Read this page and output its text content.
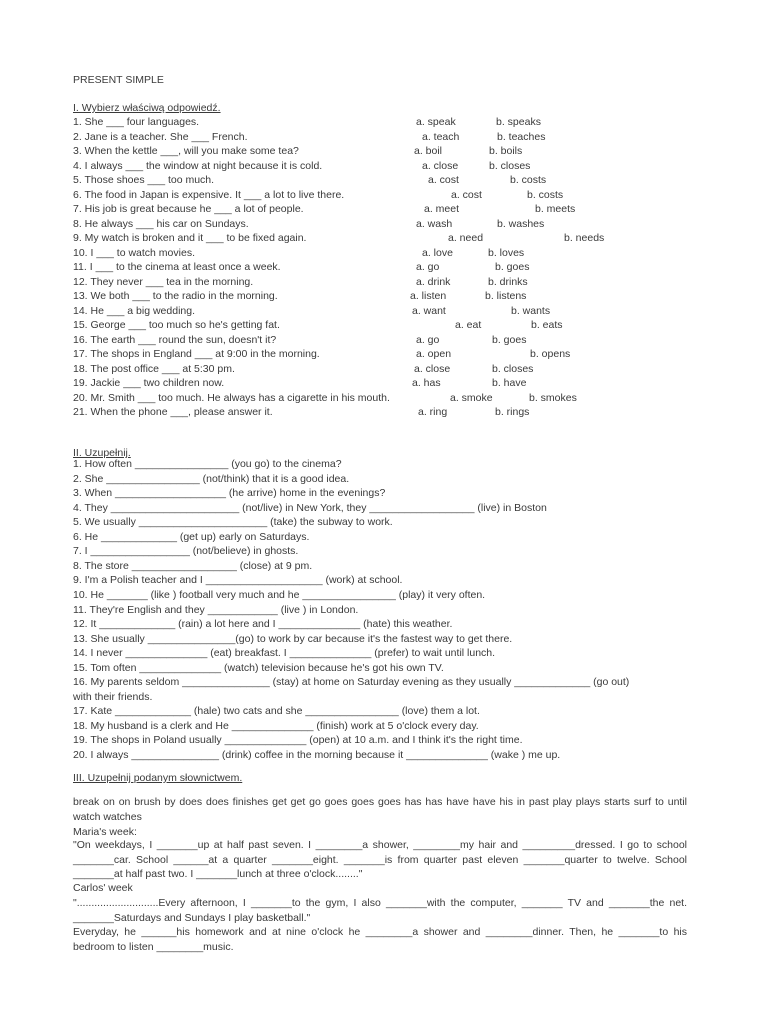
PRESENT SIMPLE
I. Wybierz właściwą odpowiedź.
1. She ___ four languages.	a. speak	b. speaks
2. Jane is a teacher. She ___ French.	a. teach	b. teaches
3. When the kettle ___, will you make some tea?	a. boil	b. boils
4. I always ___ the window at night because it is cold.	a. close	b. closes
5. Those shoes ___ too much.	a. cost	b. costs
6. The food in Japan is expensive. It ___ a lot to live there.	a. cost	b. costs
7. His job is great because he ___ a lot of people.	a. meet	b. meets
8. He always ___ his car on Sundays.	a. wash	b. washes
9. My watch is broken and it ___ to be fixed again.	a. need	b. needs
10. I ___ to watch movies.	a. love	b. loves
11. I ___ to the cinema at least once a week.	a. go	b. goes
12. They never ___ tea in the morning.	a. drink	b. drinks
13. We both ___ to the radio in the morning.	a. listen	b. listens
14. He ___ a big wedding.	a. want	b. wants
15. George ___ too much so he's getting fat.	a. eat	b. eats
16. The earth ___ round the sun, doesn't it?	a. go	b. goes
17. The shops in England ___ at 9:00 in the morning.	a. open	b. opens
18. The post office ___ at 5:30 pm.	a. close	b. closes
19. Jackie ___ two children now.	a. has	b. have
20. Mr. Smith ___ too much. He always has a cigarette in his mouth.	a. smoke	b. smokes
21. When the phone ___, please answer it.	a. ring	b. rings
II. Uzupełnij.
1. How often ________________ (you go) to the cinema?
2. She ________________ (not/think) that it is a good idea.
3. When ___________________ (he arrive) home in the evenings?
4. They ______________________ (not/live) in New York, they __________________ (live) in Boston
5. We usually ______________________ (take) the subway to work.
6. He _____________ (get up) early on Saturdays.
7. I _________________ (not/believe) in ghosts.
8. The store __________________ (close) at 9 pm.
9. I'm a Polish teacher and I ____________________ (work) at school.
10. He _______ (like ) football very much and he ________________ (play) it very often.
11. They're English and they ____________ (live ) in London.
12. It _____________ (rain) a lot here and I ______________ (hate) this weather.
13. She usually _______________(go) to work by car because it's the fastest way to get there.
14. I never ______________ (eat) breakfast. I ______________ (prefer) to wait until lunch.
15. Tom often ______________ (watch) television because he's got his own TV.
16. My parents seldom _______________ (stay) at home on Saturday evening as they usually _____________ (go out)
with their friends.
17. Kate _____________ (hale) two cats and she ________________ (love) them a lot.
18. My husband is a clerk and He ______________ (finish) work at 5 o'clock every day.
19. The shops in Poland usually ______________ (open) at 10 a.m. and I think it's the right time.
20. I always _______________ (drink) coffee in the morning because it ______________ (wake ) me up.
III. Uzupełnij podanym słownictwem.
break on on brush by does does finishes get get go goes goes goes has has have have his in past play plays starts surf to until watch watches
Maria's week:
"On weekdays, I _______up at half past seven. I ________a shower, ________my hair and _________dressed. I go to school _______car. School ______at a quarter _______eight. _______is from quarter past eleven _______quarter to twelve. School _______at half past two. I _______lunch at three o'clock........"
Carlos' week
"............................Every afternoon, I _______to the gym, I also _______with the computer, _______ TV and _______the net. _______Saturdays and Sundays I play basketball."
Everyday, he ______his homework and at nine o'clock he ________a shower and ________dinner. Then, he _______to his bedroom to listen ________music.
